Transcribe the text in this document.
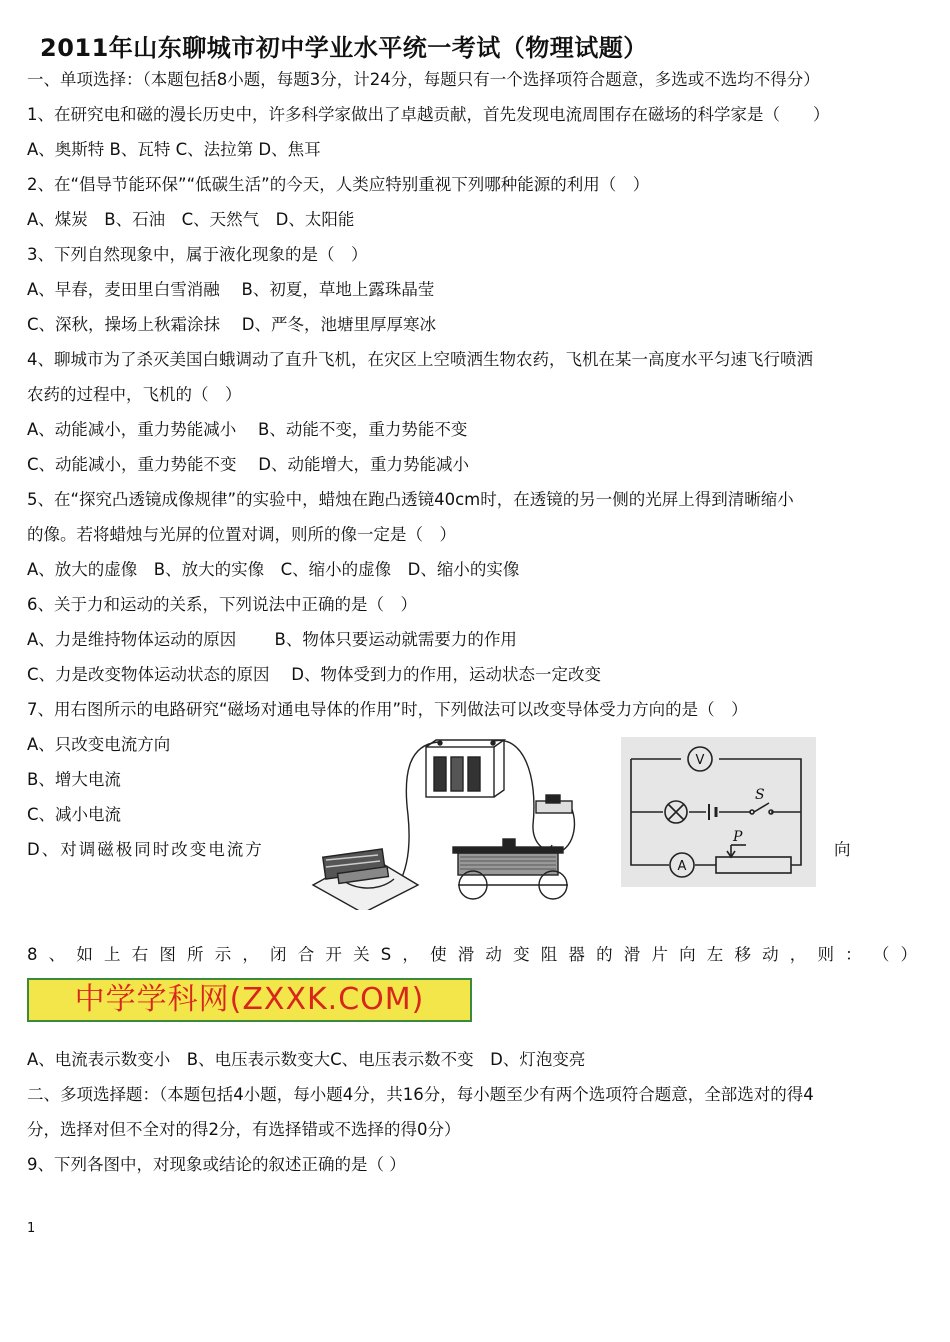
2011年山东聊城市初中学业水平统一考试（物理试题）
一、单项选择：（本题包括8小题，每题3分，计24分，每题只有一个选择项符合题意，多选或不选均不得分）
1、在研究电和磁的漫长历史中，许多科学家做出了卓越贡献，首先发现电流周围存在磁场的科学家是（　　）
A、奥斯特 B、瓦特 C、法拉第 D、焦耳
2、在“倡导节能环保”“低碳生活”的今天，人类应特别重视下列哪种能源的利用（　）
A、煤炭　B、石油　C、天然气　D、太阳能
3、下列自然现象中，属于液化现象的是（　）
A、早春，麦田里白雪消融　 B、初夏，草地上露珠晶莹
C、深秋，操场上秋霜涂抹　 D、严冬，池塘里厚厚寒冰
4、聊城市为了杀灭美国白蛾调动了直升飞机，在灾区上空喷洒生物农药，飞机在某一高度水平匀速飞行喷洒
农药的过程中，飞机的（　）
A、动能减小，重力势能减小　 B、动能不变，重力势能不变
C、动能减小，重力势能不变　 D、动能增大，重力势能减小
5、在“探究凸透镜成像规律”的实验中，蜡烛在跑凸透镜40cm时，在透镜的另一侧的光屏上得到清晰缩小
的像。若将蜡烛与光屏的位置对调，则所的像一定是（　）
A、放大的虚像　B、放大的实像　C、缩小的虚像　D、缩小的实像
6、关于力和运动的关系，下列说法中正确的是（　）
A、力是维持物体运动的原因　　 B、物体只要运动就需要力的作用
C、力是改变物体运动状态的原因　 D、物体受到力的作用，运动状态一定改变
7、用右图所示的电路研究“磁场对通电导体的作用”时，下列做法可以改变导体受力方向的是（　）
A、只改变电流方向
B、增大电流
C、减小电流
D、对调磁极同时改变电流方	向
V
A
S
P
8 、 如 上 右 图 所 示 ， 闭 合 开 关 S ， 使 滑 动 变 阻 器 的 滑 片 向 左 移 动 ， 则 ： （ ）
中学学科网(ZXXK.COM)
A、电流表示数变小　B、电压表示数变大C、电压表示数不变　D、灯泡变亮
二、多项选择题：（本题包括4小题，每小题4分，共16分，每小题至少有两个选项符合题意，全部选对的得4
分，选择对但不全对的得2分，有选择错或不选择的得0分）
9、下列各图中，对现象或结论的叙述正确的是（ ）
1
